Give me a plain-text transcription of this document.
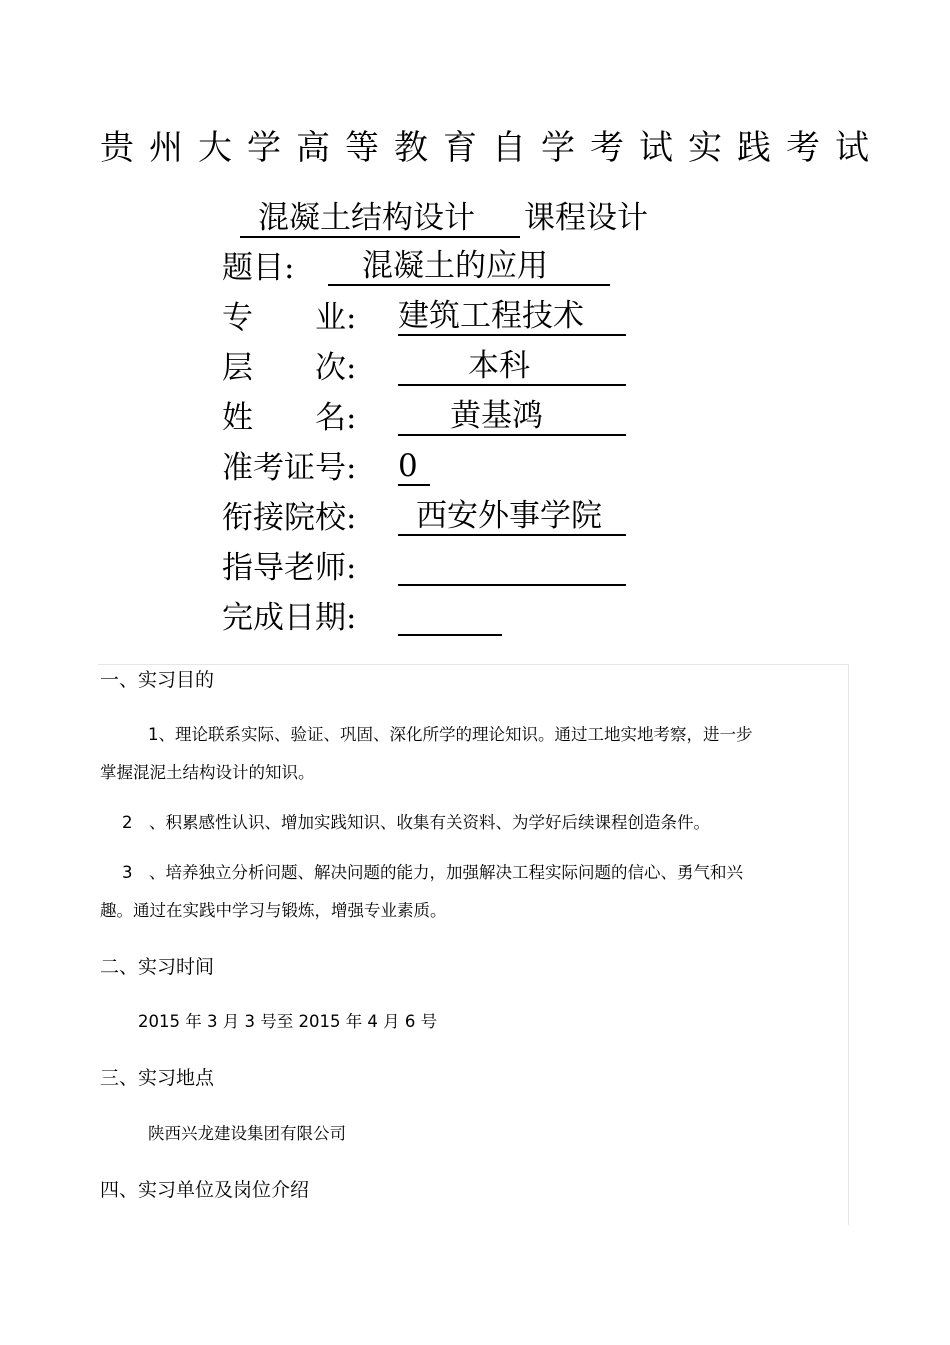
贵州大学高等教育自学考试实践考试
混凝土结构设计 课程设计
题目: 混凝土的应用
专　　业: 建筑工程技术
层　　次:	本科
姓　　名:	黄基鸿
准考证号: 0
衔接院校: 西安外事学院
指导老师:
完成日期:
一、实习目的
1、理论联系实际、验证、巩固、深化所学的理论知识。通过工地实地考察，进一步
掌握混泥土结构设计的知识。
2　、积累感性认识、增加实践知识、收集有关资料、为学好后续课程创造条件。
3　、培养独立分析问题、解决问题的能力，加强解决工程实际问题的信心、勇气和兴
趣。通过在实践中学习与锻炼，增强专业素质。
二、实习时间
2015 年 3 月 3 号至 2015 年 4 月 6 号
三、实习地点
陕西兴龙建设集团有限公司
四、实习单位及岗位介绍
